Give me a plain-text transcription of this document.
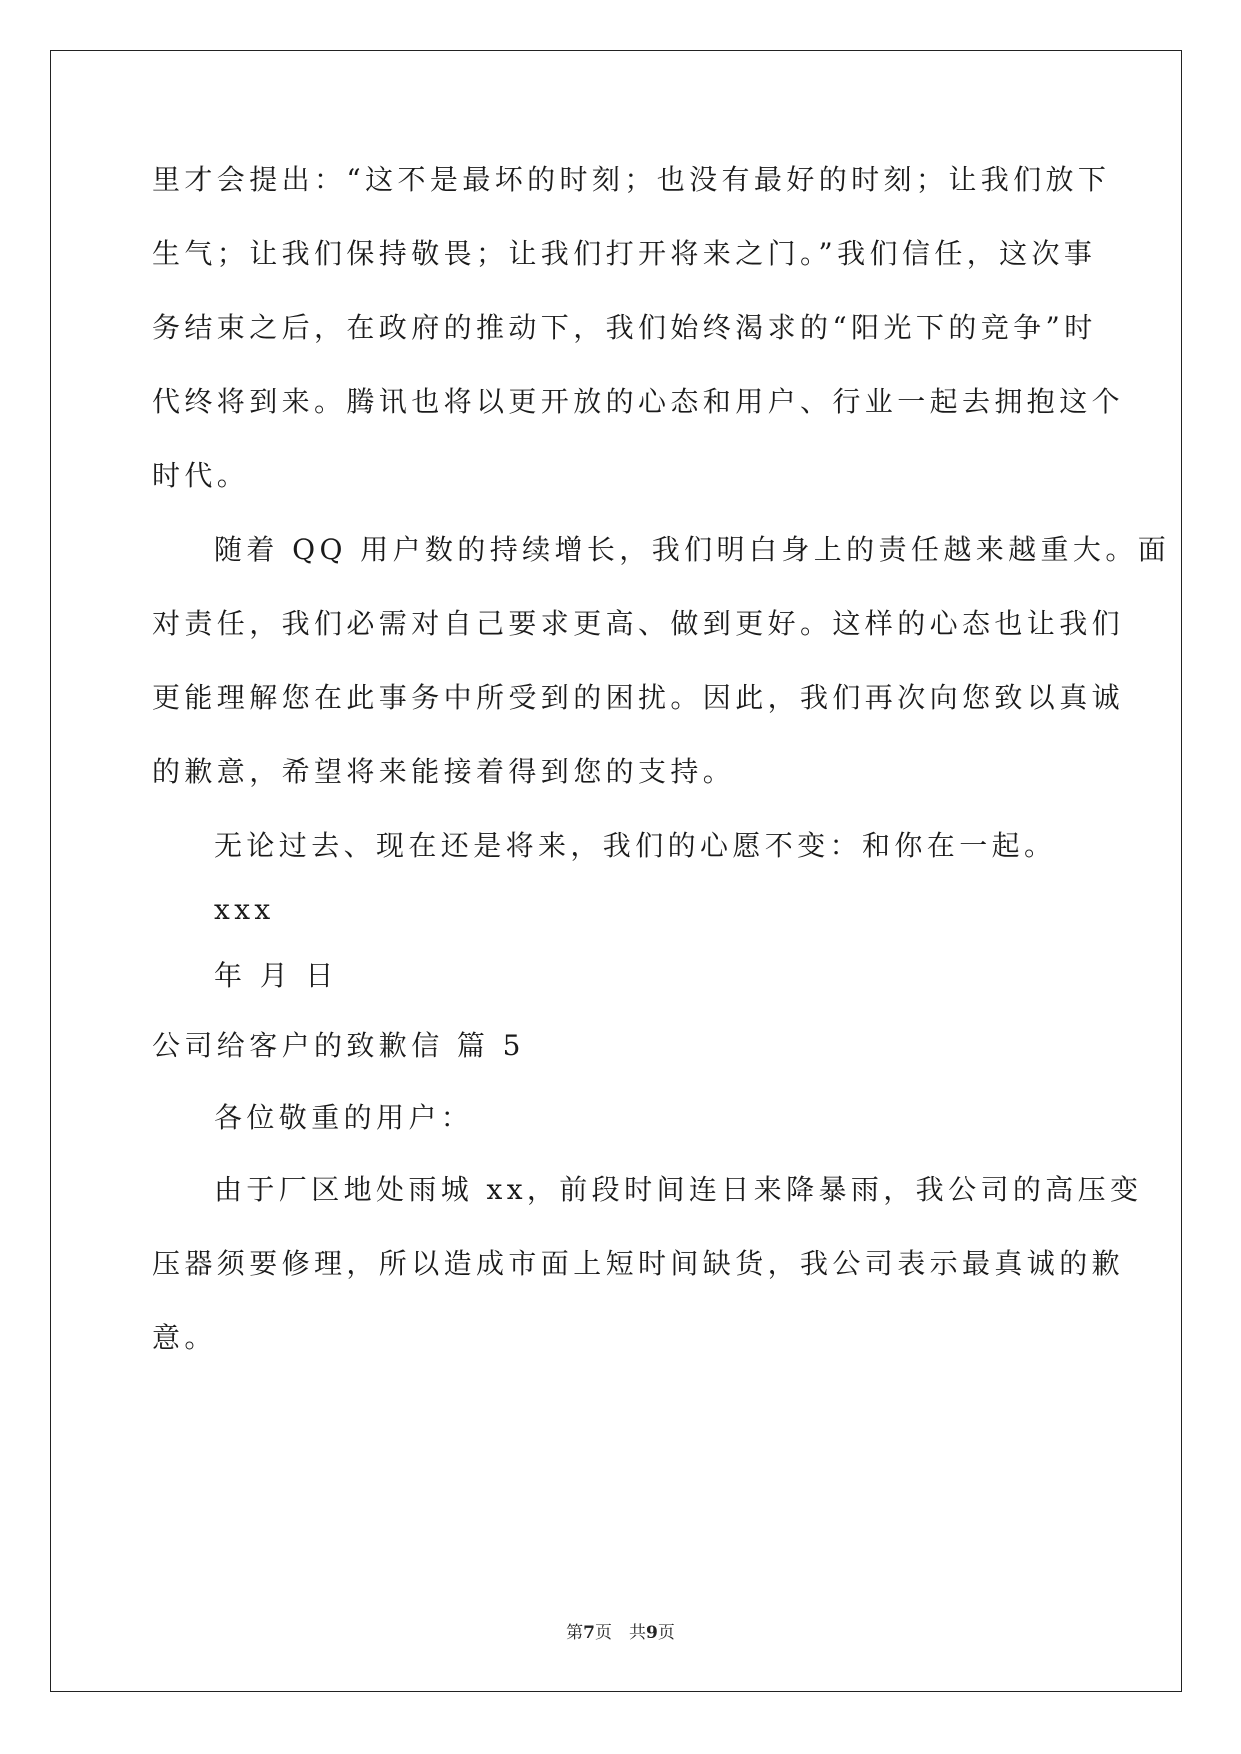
里才会提出：“这不是最坏的时刻；也没有最好的时刻；让我们放下
生气；让我们保持敬畏；让我们打开将来之门。”我们信任，这次事
务结束之后，在政府的推动下，我们始终渴求的“阳光下的竞争”时
代终将到来。腾讯也将以更开放的心态和用户、行业一起去拥抱这个
时代。
随着 QQ 用户数的持续增长，我们明白身上的责任越来越重大。面
对责任，我们必需对自己要求更高、做到更好。这样的心态也让我们
更能理解您在此事务中所受到的困扰。因此，我们再次向您致以真诚
的歉意，希望将来能接着得到您的支持。
无论过去、现在还是将来，我们的心愿不变：和你在一起。
xxx
年 月 日
公司给客户的致歉信 篇 5
各位敬重的用户：
由于厂区地处雨城 xx，前段时间连日来降暴雨，我公司的高压变
压器须要修理，所以造成市面上短时间缺货，我公司表示最真诚的歉
意。
第7页　共9页
